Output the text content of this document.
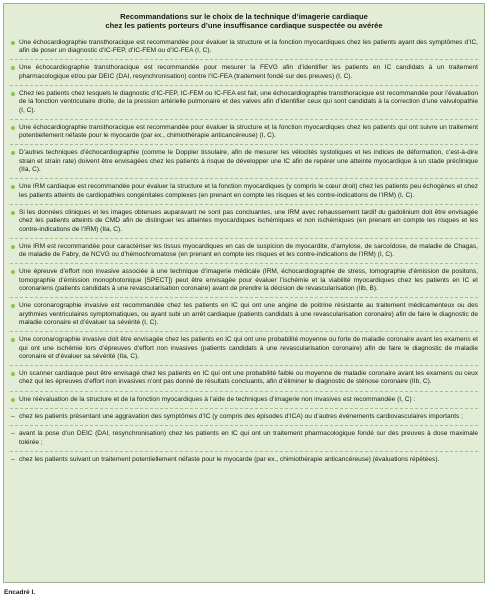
Recommandations sur le choix de la technique d’imagerie cardiaque
chez les patients porteurs d’une insuffisance cardiaque suspectée ou avérée
Une échocardiographie transthoracique est recommandée pour évaluer la structure et la fonction myocardiques chez les patients ayant des symptômes d’IC, afin de poser un diagnostic d’IC-FEP, d’IC-FEM ou d’IC-FEA (I, C).
Une échocardiographie transthoracique est recommandée pour mesurer la FEVG afin d’identifier les patients en IC candidats à un traitement pharmacologique et/ou par DEIC (DAI, resynchronisation) contre l’IC-FEA (traitement fondé sur des preuves) (I, C).
Chez les patients chez lesquels le diagnostic d’IC-FEP, IC-FEM ou IC-FEA est fait, une échocardiographie transthoracique est recommandée pour l’évaluation de la fonction ventriculaire droite, de la pression artérielle pulmonaire et des valves afin d’identifier ceux qui sont candidats à la correction d’une valvulopathie (I, C).
Une échocardiographie transthoracique est recommandée pour évaluer la structure et la fonction myocardiques chez les patients qui ont suivre un traitement potentiellement néfaste pour le myocarde (par ex., chimiothérapie anticancéreuse) (I, C).
D’autres techniques d’échocardiographie (comme le Doppler tissulaire, afin de mesurer les vélocités systoliques et les indices de déformation, c’est-à-dire strain et strain rate) doivent être envisagées chez les patients à risque de développer une IC afin de repérer une atteinte myocardique à un stade préclinique (IIa, C).
Une IRM cardiaque est recommandée pour évaluer la structure et la fonction myocardiques (y compris le cœur droit) chez les patients peu échogènes et chez les patients atteints de cardiopathies congénitales complexes (en prenant en compte les risques et les contre-indications de l’IRM) (I, C).
Si les données cliniques et les images obtenues auparavant ne sont pas concluantes, une IRM avec rehaussement tardif du gadolinium doit être envisagée chez les patients atteints de CMD afin de distinguer les atteintes myocardiques ischémiques et non ischémiques (en prenant en compte les risques et les contre-indications de l’IRM) (IIa, C).
Une IRM est recommandée pour caractériser les tissus myocardiques en cas de suspicion de myocardite, d’amylose, de sarcoïdose, de maladie de Chagas, de maladie de Fabry, de NCVG ou d’hémochromatose (en prenant en compte les risques et les contre-indications de l’IRM) (I, C).
Une épreuve d’effort non invasive associée à une technique d’imagerie médicale (IRM, échocardiographie de stress, tomographie d’émission de positons, tomographie d’émission monophotonique [SPECT]) peut être envisagée pour évaluer l’ischémie et la viabilité myocardiques chez les patients en IC et coronariens (patients candidats à une revascularisation coronaire) avant de prendre la décision de revascularisation (IIb, B).
Une coronarographie invasive est recommandée chez les patients en IC qui ont une angine de poitrine résistante au traitement médicamenteux ou des arythmies ventriculaires symptomatiques, ou ayant subi un arrêt cardiaque (patients candidats à une revascularisation coronaire) afin de faire le diagnostic de maladie coronaire et d’évaluer sa sévérité (I, C).
Une coronarographie invasive doit être envisagée chez les patients en IC qui ont une probabilité moyenne ou forte de maladie coronaire avant les examens et qui ont une ischémie lors d’épreuves d’effort non invasives (patients candidats à une revascularisation coronaire) afin de faire le diagnostic de maladie coronaire et d’évaluer sa sévérité (IIa, C).
Un scanner cardiaque peut être envisagé chez les patients en IC qui ont une probabilité faible ou moyenne de maladie coronaire avant les examens ou ceux chez qui les épreuves d’effort non invasives n’ont pas donné de résultats concluants, afin d’éliminer le diagnostic de sténose coronaire (IIb, C).
Une réévaluation de la structure et de la fonction myocardiques à l’aide de techniques d’imagerie non invasives est recommandée (I, C) :
– chez les patients présentant une aggravation des symptômes d’IC (y compris des épisodes d’ICA) ou d’autres événements cardiovasculaires importants ;
– avant la pose d’un DEIC (DAI, resynchronisation) chez les patients en IC qui ont un traitement pharmacologique fondé sur des preuves à dose maximale tolérée ;
– chez les patients suivant un traitement potentiellement néfaste pour le myocarde (par ex., chimiothérapie anticancéreuse) (évaluations répétées).
Encadré I.
